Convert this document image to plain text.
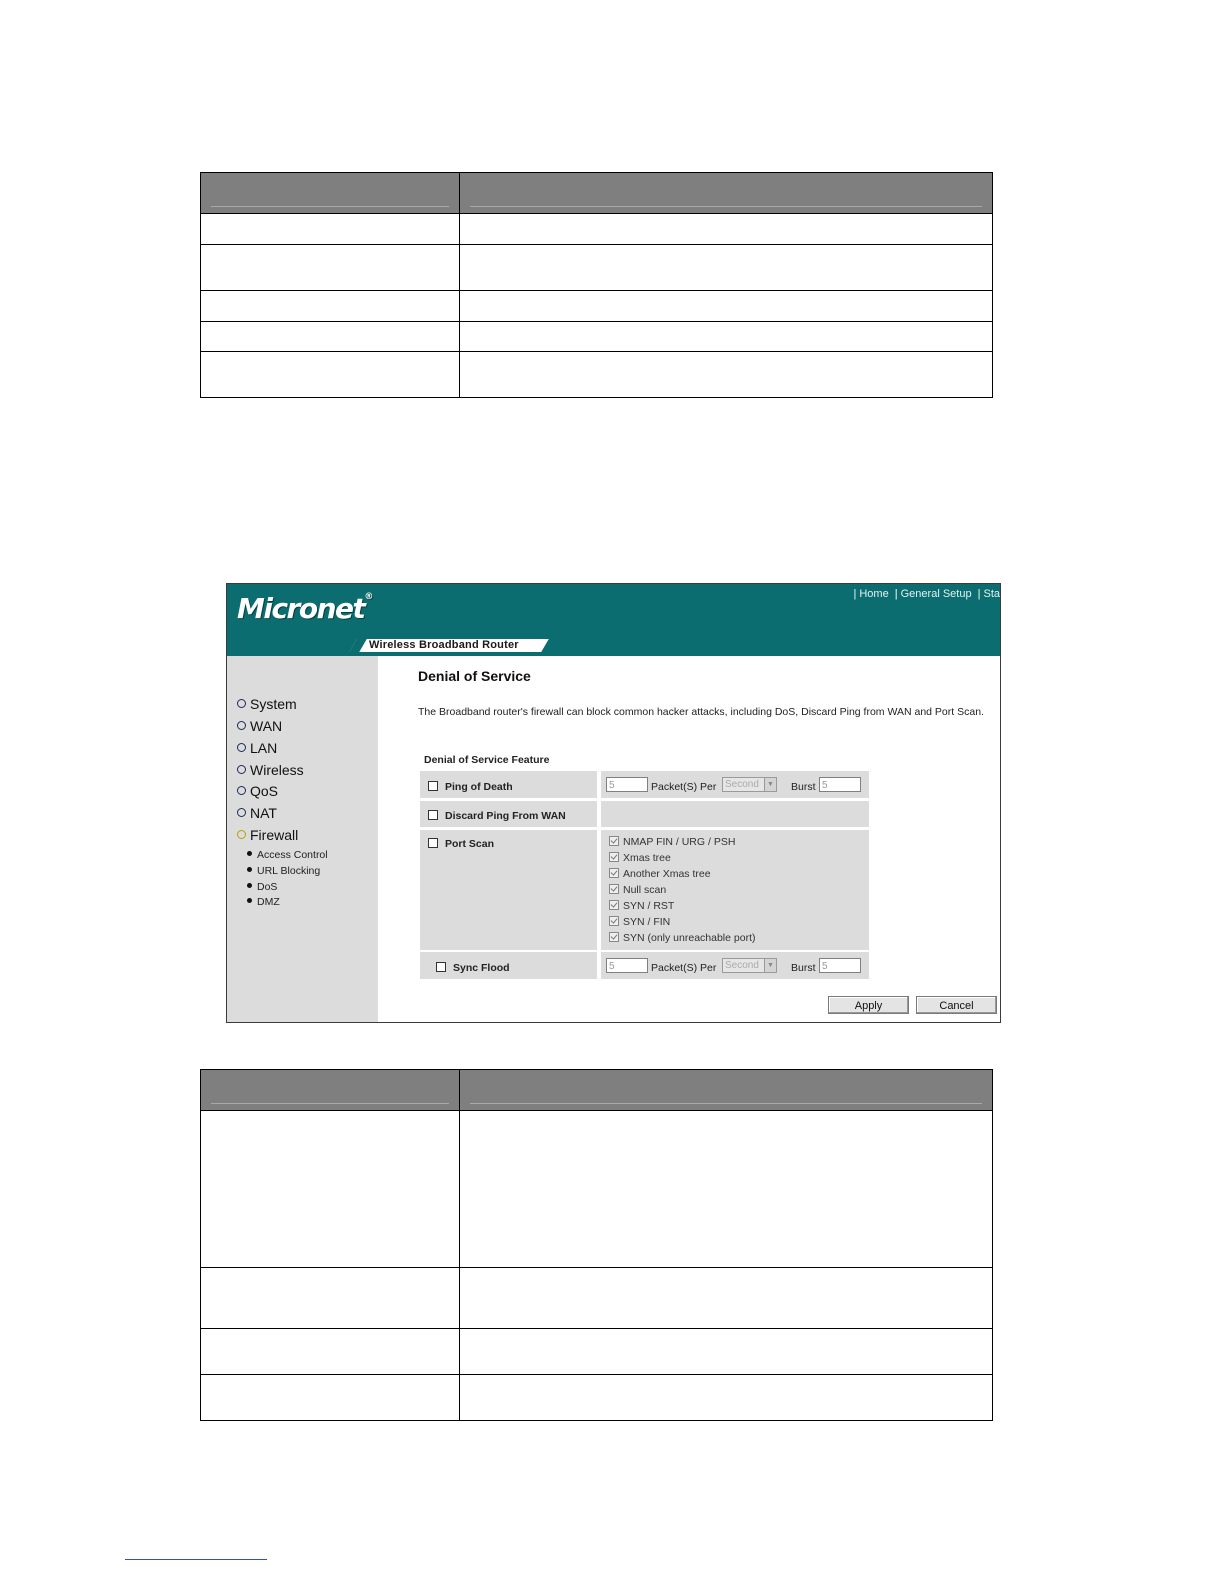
Micronet®
Wireless Broadband Router
| Home | General Setup | Sta
System
WAN
LAN
Wireless
QoS
NAT
Firewall
Access Control
URL Blocking
DoS
DMZ
Denial of Service
The Broadband router's firewall can block common hacker attacks, including DoS, Discard Ping from WAN and Port Scan.
Denial of Service Feature
Ping of Death	5	Packet(S) Per Second	▼ Burst 5
Discard Ping From WAN
Port Scan	NMAP FIN / URG / PSH
Xmas tree
Another Xmas tree
Null scan
SYN / RST
SYN / FIN
SYN (only unreachable port)
Sync Flood	5	Packet(S) Per Second	▼ Burst 5
Apply	Cancel
